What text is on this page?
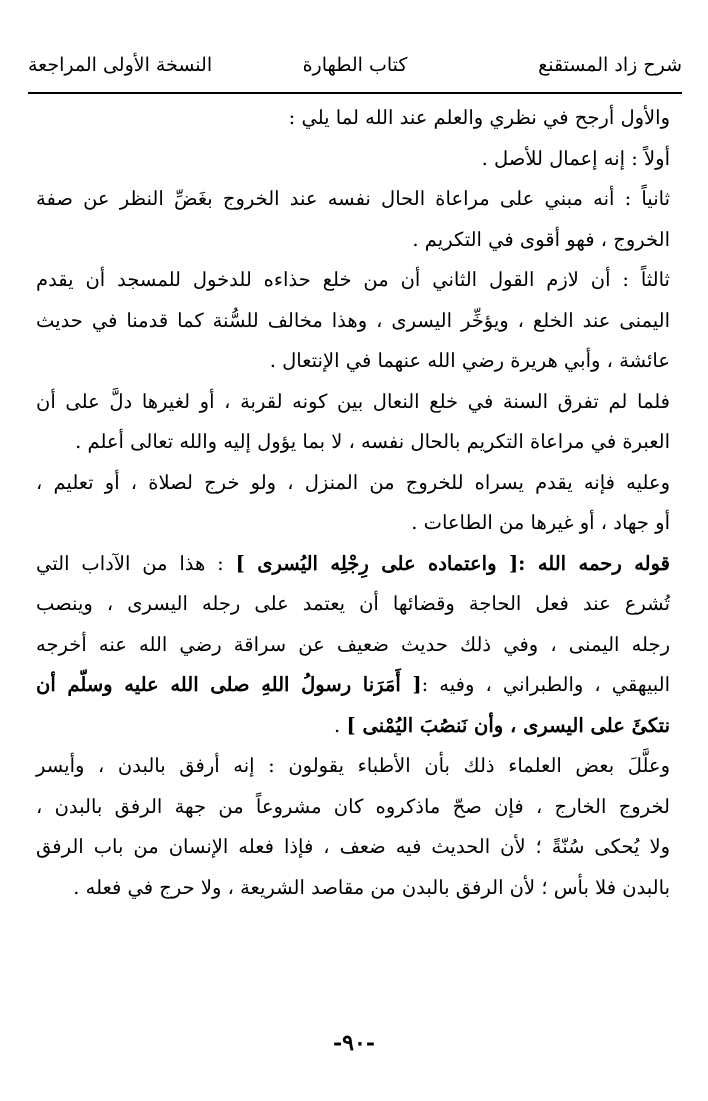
شرح زاد المستقنع
كتاب الطهارة
النسخة الأولى المراجعة
والأول أرجح في نظري والعلم عند الله لما يلي :
أولاً : إنه إعمال للأصل .
ثانياً : أنه مبني على مراعاة الحال نفسه عند الخروج بغَضِّ النظر عن صفة
الخروج ، فهو أقوى في التكريم .
ثالثاً : أن لازم القول الثاني أن من خلع حذاءه للدخول للمسجد أن يقدم
اليمنى عند الخلع ، ويؤخِّر اليسرى ، وهذا مخالف للسُّنة كما قدمنا في حديث
عائشة ، وأبي هريرة رضي الله عنهما في الإنتعال .
فلما لم تفرق السنة في خلع النعال بين كونه لقربة ، أو لغيرها دلَّ على أن
العبرة في مراعاة التكريم بالحال نفسه ، لا بما يؤول إليه والله تعالى أعلم .
وعليه فإنه يقدم يسراه للخروج من المنزل ، ولو خرج لصلاة ، أو تعليم ،
أو جهاد ، أو غيرها من الطاعات .
قوله رحمه الله :[ واعتماده على رِجْلِه اليُسرى ] : هذا من الآداب التي
تُشرع عند فعل الحاجة وقضائها أن يعتمد على رجله اليسرى ، وينصب
رجله اليمنى ، وفي ذلك حديث ضعيف عن سراقة رضي الله عنه أخرجه
البيهقي ، والطبراني ، وفيه :[ أَمَرَنا رسولُ اللهِ صلى الله عليه وسلّم أن
نتكئَ على اليسرى ، وأن نَنصُبَ اليُمْنى ] .
وعلَّلَ بعض العلماء ذلك بأن الأطباء يقولون : إنه أرفق بالبدن ، وأيسر
لخروج الخارج ، فإن صحّ ماذكروه كان مشروعاً من جهة الرفق بالبدن ،
ولا يُحكى سُنّةً ؛ لأن الحديث فيه ضعف ، فإذا فعله الإنسان من باب الرفق
بالبدن فلا بأس ؛ لأن الرفق بالبدن من مقاصد الشريعة ، ولا حرج في فعله .
-٩٠-
